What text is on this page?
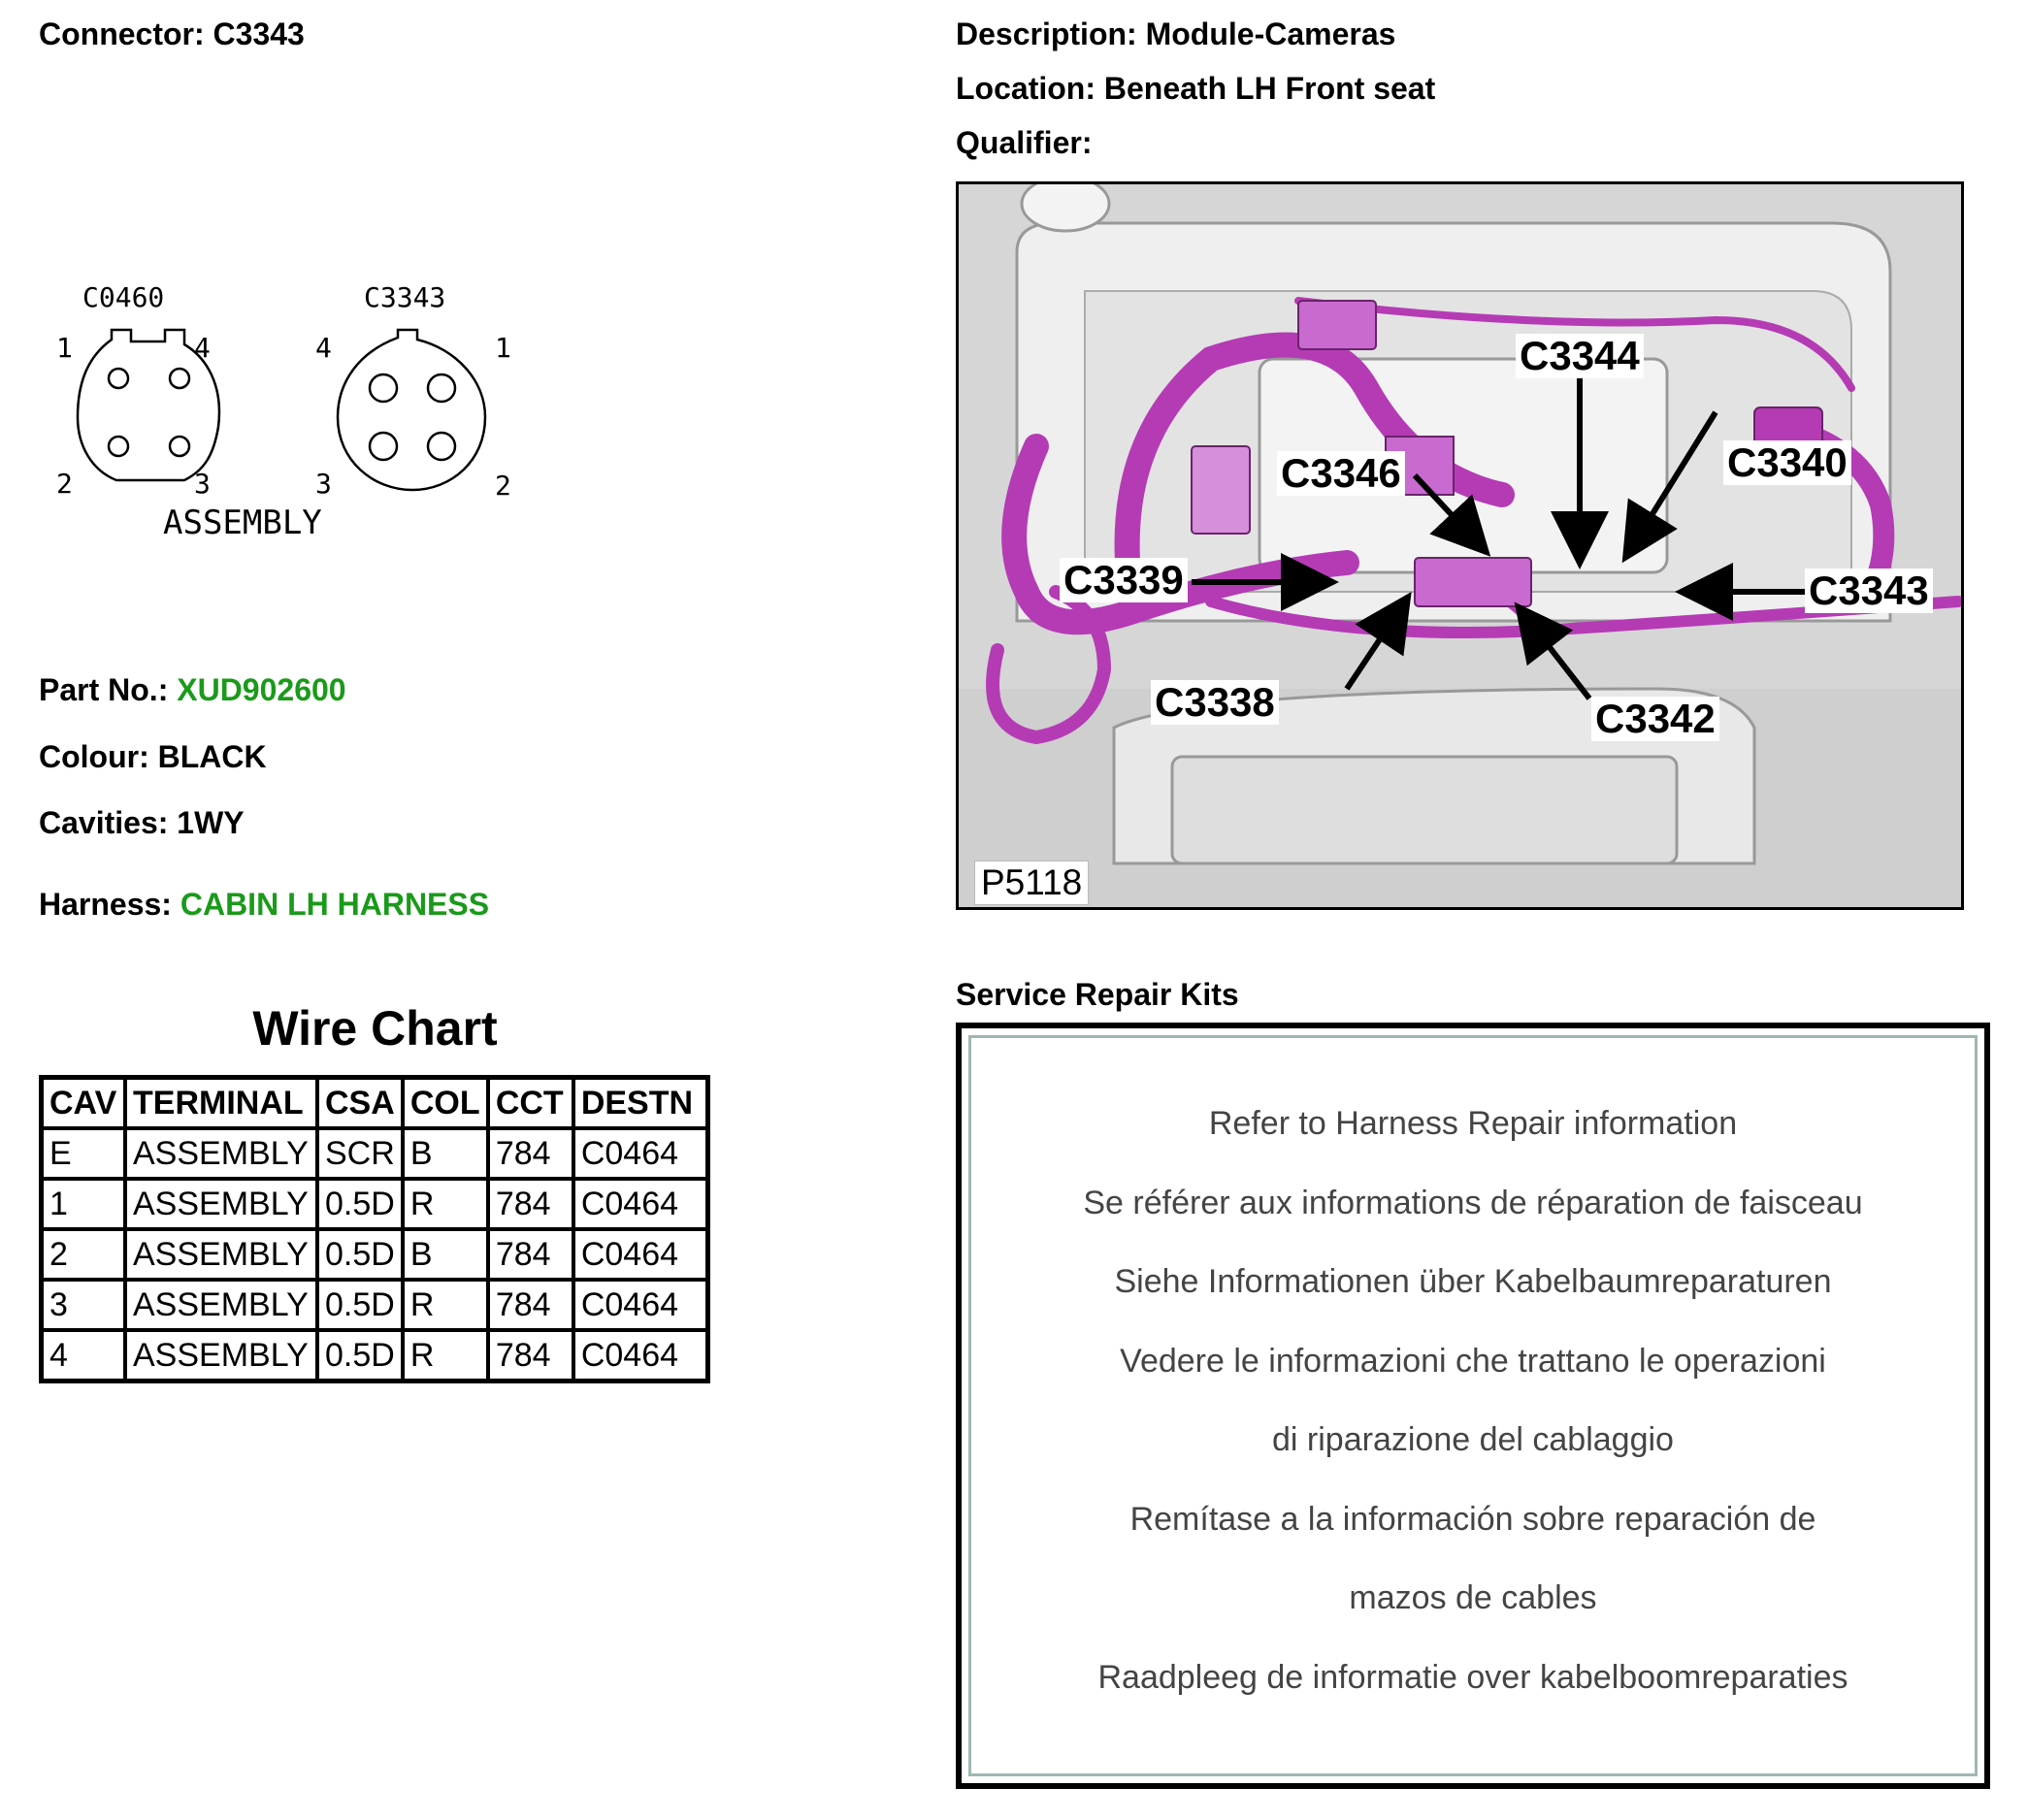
Connector: C3343
C0460	C3343
1	4
2	3
4	1
3	2
ASSEMBLY
Part No.: XUD902600
Colour: BLACK
Cavities: 1WY
Harness: CABIN LH HARNESS
Wire Chart
CAV	TERMINAL	CSA	COL	CCT	DESTN
E	ASSEMBLY	SCR	B	784	C0464
1	ASSEMBLY	0.5D	R	784	C0464
2	ASSEMBLY	0.5D	B	784	C0464
3	ASSEMBLY	0.5D	R	784	C0464
4	ASSEMBLY	0.5D	R	784	C0464
Description: Module-Cameras
Location: Beneath LH Front seat
Qualifier:
C3344
C3346	C3340
C3339	C3343
C3338	C3342
P5118
Service Repair Kits
Refer to Harness Repair information
Se référer aux informations de réparation de faisceau
Siehe Informationen über Kabelbaumreparaturen
Vedere le informazioni che trattano le operazioni
di riparazione del cablaggio
Remítase a la información sobre reparación de
mazos de cables
Raadpleeg de informatie over kabelboomreparaties
